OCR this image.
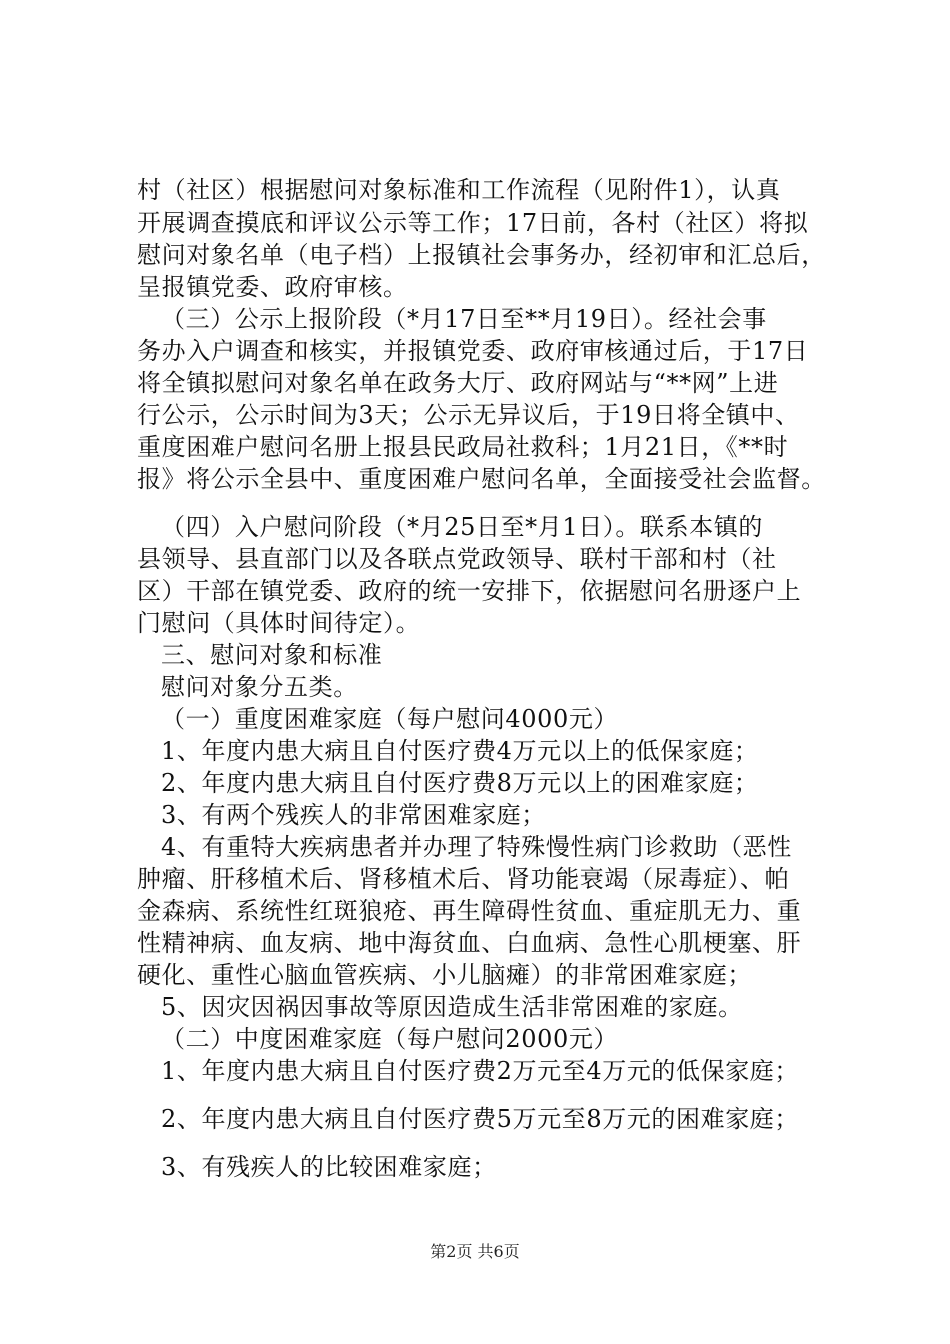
村（社区）根据慰问对象标准和工作流程（见附件1），认真
开展调查摸底和评议公示等工作；17日前，各村（社区）将拟
慰问对象名单（电子档）上报镇社会事务办，经初审和汇总后，
呈报镇党委、政府审核。
（三）公示上报阶段（*月17日至**月19日）。经社会事
务办入户调查和核实，并报镇党委、政府审核通过后，于17日
将全镇拟慰问对象名单在政务大厅、政府网站与“**网”上进
行公示，公示时间为3天；公示无异议后，于19日将全镇中、
重度困难户慰问名册上报县民政局社救科；1月21日，《**时
报》将公示全县中、重度困难户慰问名单，全面接受社会监督。
（四）入户慰问阶段（*月25日至*月1日）。联系本镇的
县领导、县直部门以及各联点党政领导、联村干部和村（社
区）干部在镇党委、政府的统一安排下，依据慰问名册逐户上
门慰问（具体时间待定）。
三、慰问对象和标准
慰问对象分五类。
（一）重度困难家庭（每户慰问4000元）
1、年度内患大病且自付医疗费4万元以上的低保家庭；
2、年度内患大病且自付医疗费8万元以上的困难家庭；
3、有两个残疾人的非常困难家庭；
4、有重特大疾病患者并办理了特殊慢性病门诊救助（恶性
肿瘤、肝移植术后、肾移植术后、肾功能衰竭（尿毒症）、帕
金森病、系统性红斑狼疮、再生障碍性贫血、重症肌无力、重
性精神病、血友病、地中海贫血、白血病、急性心肌梗塞、肝
硬化、重性心脑血管疾病、小儿脑瘫）的非常困难家庭；
5、因灾因祸因事故等原因造成生活非常困难的家庭。
（二）中度困难家庭（每户慰问2000元）
1、年度内患大病且自付医疗费2万元至4万元的低保家庭；
2、年度内患大病且自付医疗费5万元至8万元的困难家庭；
3、有残疾人的比较困难家庭；
第2页 共6页
